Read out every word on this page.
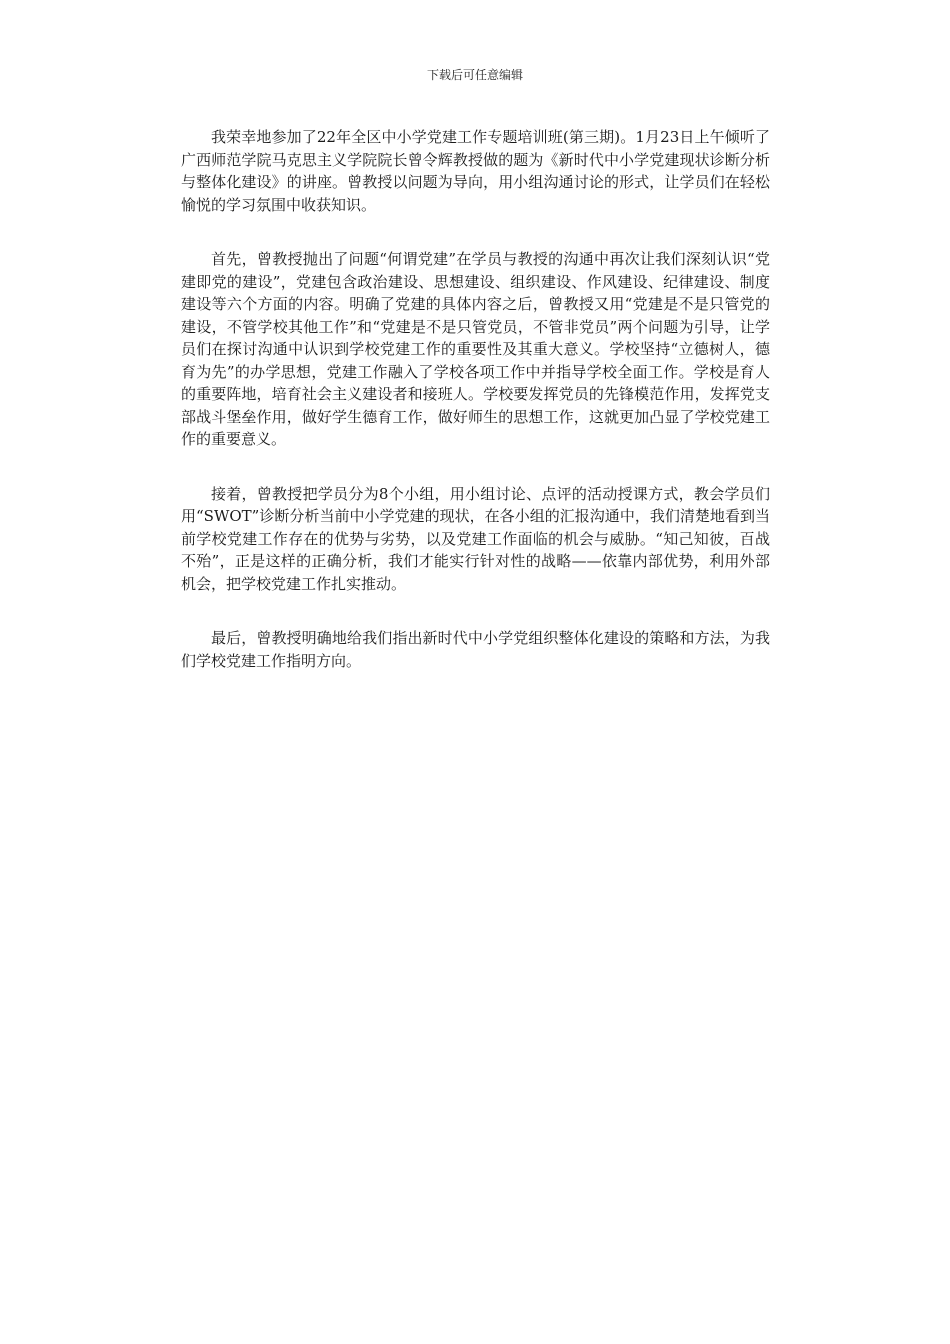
下载后可任意编辑

我荣幸地参加了22年全区中小学党建工作专题培训班(第三期)。1月23日上午倾听了广西师范学院马克思主义学院院长曾令辉教授做的题为《新时代中小学党建现状诊断分析与整体化建设》的讲座。曾教授以问题为导向，用小组沟通讨论的形式，让学员们在轻松愉悦的学习氛围中收获知识。

首先，曾教授抛出了问题“何谓党建”在学员与教授的沟通中再次让我们深刻认识“党建即党的建设”，党建包含政治建设、思想建设、组织建设、作风建设、纪律建设、制度建设等六个方面的内容。明确了党建的具体内容之后，曾教授又用“党建是不是只管党的建设，不管学校其他工作”和“党建是不是只管党员，不管非党员”两个问题为引导，让学员们在探讨沟通中认识到学校党建工作的重要性及其重大意义。学校坚持“立德树人，德育为先”的办学思想，党建工作融入了学校各项工作中并指导学校全面工作。学校是育人的重要阵地，培育社会主义建设者和接班人。学校要发挥党员的先锋模范作用，发挥党支部战斗堡垒作用，做好学生德育工作，做好师生的思想工作，这就更加凸显了学校党建工作的重要意义。

接着，曾教授把学员分为8个小组，用小组讨论、点评的活动授课方式，教会学员们用“SWOT”诊断分析当前中小学党建的现状，在各小组的汇报沟通中，我们清楚地看到当前学校党建工作存在的优势与劣势，以及党建工作面临的机会与威胁。“知己知彼，百战不殆”，正是这样的正确分析，我们才能实行针对性的战略——依靠内部优势，利用外部机会，把学校党建工作扎实推动。

最后，曾教授明确地给我们指出新时代中小学党组织整体化建设的策略和方法，为我们学校党建工作指明方向。
